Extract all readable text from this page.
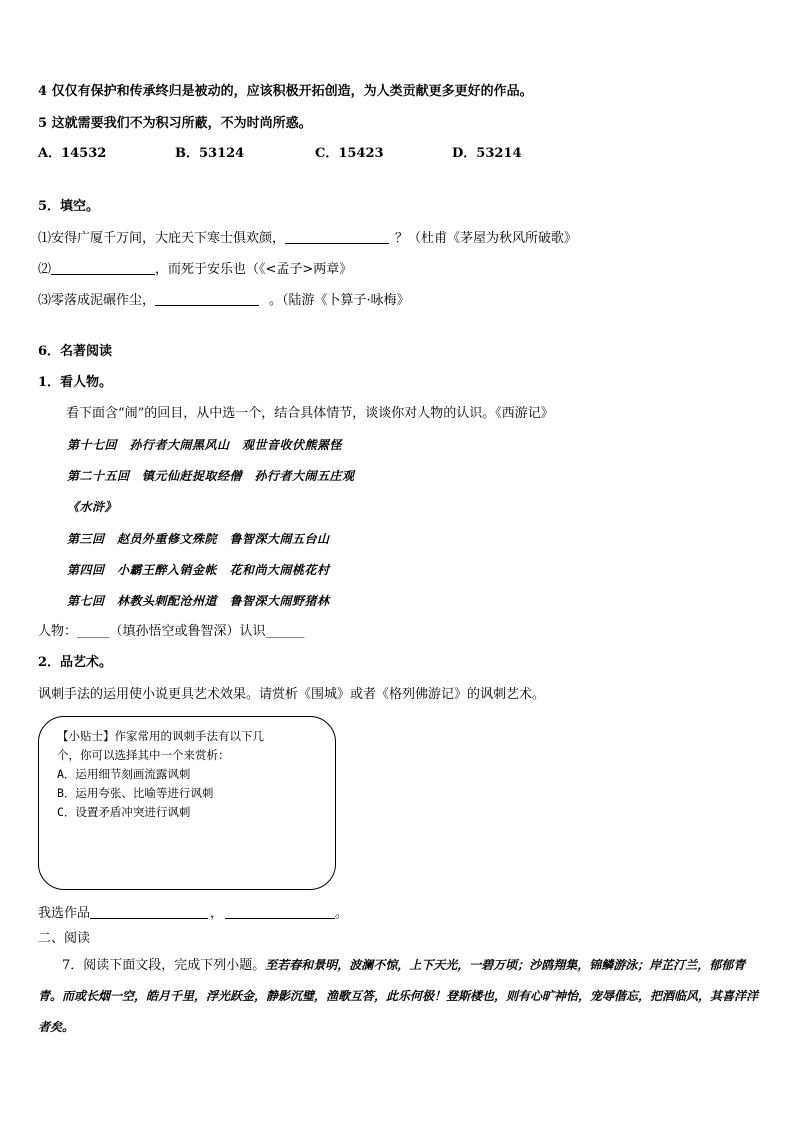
4 仅仅有保护和传承终归是被动的，应该积极开拓创造，为人类贡献更多更好的作品。
5 这就需要我们不为积习所蔽，不为时尚所惑。
A．14532	B．53124	C．15423	D．53214
5．填空。
⑴安得广厦千万间，大庇天下寒士俱欢颜，	？（杜甫《茅屋为秋风所破歌》
⑵	，而死于安乐也（《<孟子>两章》
⑶零落成泥碾作尘，	。（陆游《卜算子·咏梅》
6．名著阅读
1．看人物。
看下面含“闹”的回目，从中选一个，结合具体情节，谈谈你对人物的认识。《西游记》
第十七回　孙行者大闹黑风山　观世音收伏熊罴怪
第二十五回　镇元仙赶捉取经僧　孙行者大闹五庄观
《水浒》
第三回　赵员外重修文殊院　鲁智深大闹五台山
第四回　小霸王醉入销金帐　花和尚大闹桃花村
第七回　林教头刺配沧州道　鲁智深大闹野猪林
人物：_____（填孙悟空或鲁智深）认识______
2．品艺术。
讽刺手法的运用使小说更具艺术效果。请赏析《围城》或者《格列佛游记》的讽刺艺术。
【小贴士】作家常用的讽刺手法有以下几
个，你可以选择其中一个来赏析：
A．运用细节刻画流露讽刺
B．运用夸张、比喻等进行讽刺
C．设置矛盾冲突进行讽刺
我选作品	，	。
二、阅读
7．阅读下面文段，完成下列小题。至若春和景明，波澜不惊，上下天光，一碧万顷；沙鸥翔集，锦鳞游泳；岸芷汀兰，郁郁青青。而或长烟一空，皓月千里，浮光跃金，静影沉璧，渔歌互答，此乐何极！登斯楼也，则有心旷神怡，宠辱偕忘，把酒临风，其喜洋洋者矣。
